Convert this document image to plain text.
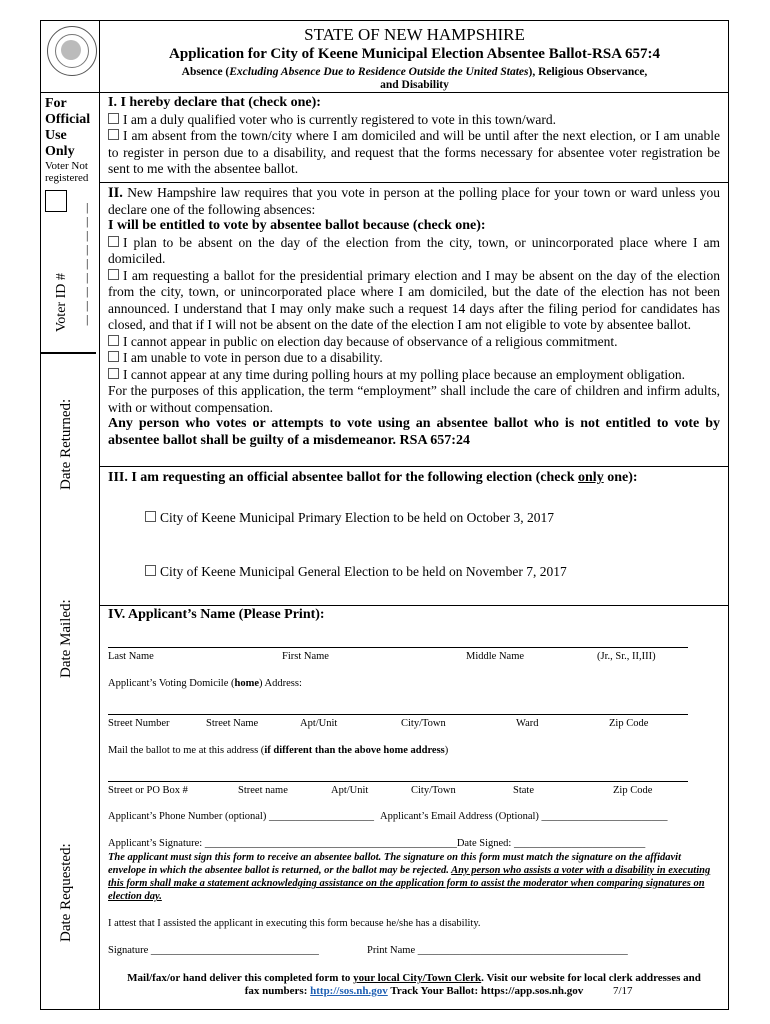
STATE OF NEW HAMPSHIRE
Application for City of Keene Municipal Election Absentee Ballot-RSA 657:4
Absence (Excluding Absence Due to Residence Outside the United States), Religious Observance,
and Disability
For
Official
Use
Only
Voter Not
registered
|
|
|
|
|
|
|
|
|
Voter ID #
Date Returned:
Date Mailed:
Date Requested:
I. I hereby declare that (check one):
I am a duly qualified voter who is currently registered to vote in this town/ward.
I am absent from the town/city where I am domiciled and will be until after the next election, or I am unable to register in person due to a disability, and request that the forms necessary for absentee voter registration be sent to me with the absentee ballot.
II. New Hampshire law requires that you vote in person at the polling place for your town or ward unless you declare one of the following absences:
I will be entitled to vote by absentee ballot because (check one):
I plan to be absent on the day of the election from the city, town, or unincorporated place where I am domiciled.
I am requesting a ballot for the presidential primary election and I may be absent on the day of the election from the city, town, or unincorporated place where I am domiciled, but the date of the election has not been announced. I understand that I may only make such a request 14 days after the filing period for candidates has closed, and that if I will not be absent on the date of the election I am not eligible to vote by absentee ballot.
I cannot appear in public on election day because of observance of a religious commitment.
I am unable to vote in person due to a disability.
I cannot appear at any time during polling hours at my polling place because an employment obligation.
For the purposes of this application, the term “employment” shall include the care of children and infirm adults, with or without compensation.
Any person who votes or attempts to vote using an absentee ballot who is not entitled to vote by absentee ballot shall be guilty of a misdemeanor. RSA 657:24
III. I am requesting an official absentee ballot for the following election (check only one):
City of Keene Municipal Primary Election to be held on October 3, 2017
City of Keene Municipal General Election to be held on November 7, 2017
IV. Applicant’s Name (Please Print):
Last Name	First Name	Middle Name	(Jr., Sr., II,III)
Applicant’s Voting Domicile (home) Address:
Street Number	Street Name	Apt/Unit	City/Town	Ward	Zip Code
Mail the ballot to me at this address (if different than the above home address)
Street or PO Box #	Street name	Apt/Unit	City/Town	State	Zip Code
Applicant’s Phone Number (optional) ____________________ Applicant’s Email Address (Optional) ________________________
Applicant’s Signature: ________________________________________________Date Signed: _________________________
The applicant must sign this form to receive an absentee ballot. The signature on this form must match the signature on the affidavit envelope in which the absentee ballot is returned, or the ballot may be rejected. Any person who assists a voter with a disability in executing this form shall make a statement acknowledging assistance on the application form to assist the moderator when comparing signatures on election day.
I attest that I assisted the applicant in executing this form because he/she has a disability.
Signature ________________________________	Print Name ________________________________________
Mail/fax/or hand deliver this completed form to your local City/Town Clerk. Visit our website for local clerk addresses and
fax numbers: http://sos.nh.gov Track Your Ballot: https://app.sos.nh.gov	7/17
